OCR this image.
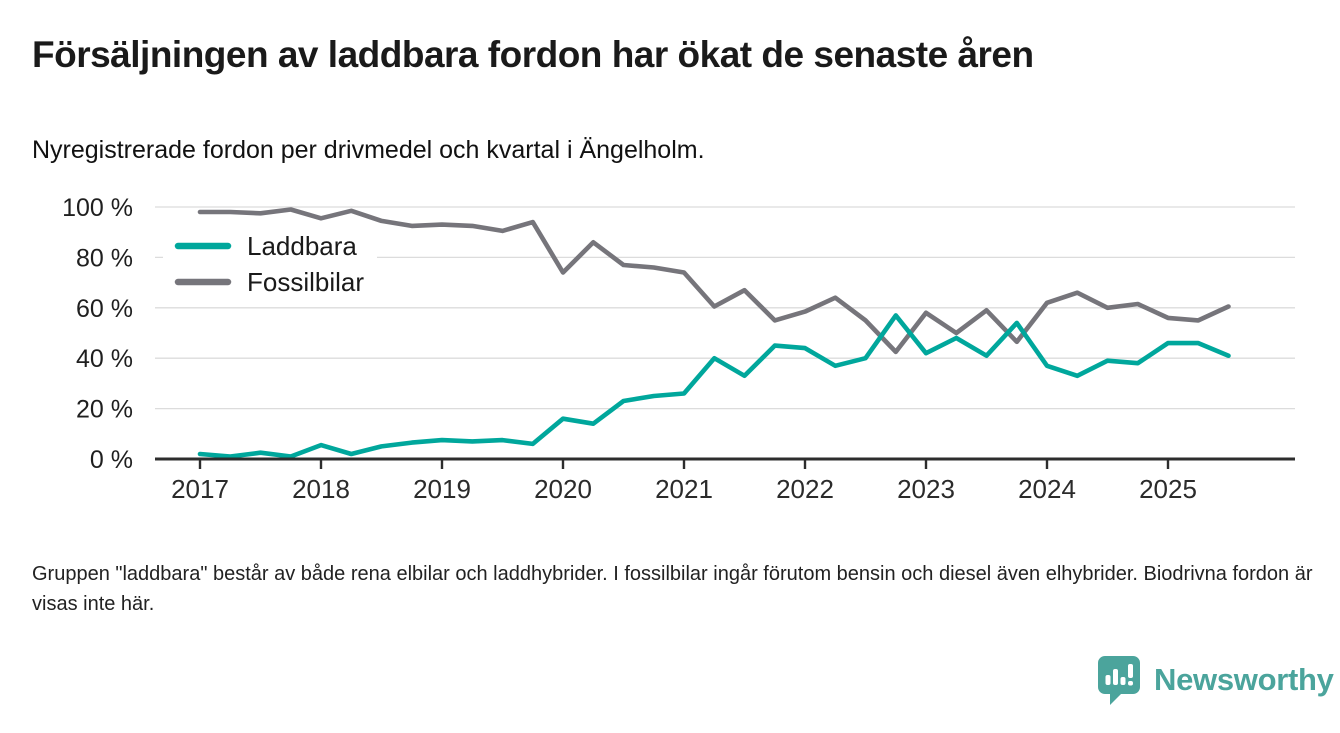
Försäljningen av laddbara fordon har ökat de senaste åren

Nyregistrerade fordon per drivmedel och kvartal i Ängelholm.

100 %
80 %
60 %
40 %
20 %
0 %
2017 2018 2019 2020 2021 2022 2023 2024 2025
Laddbara
Fossilbilar

Gruppen "laddbara" består av både rena elbilar och laddhybrider. I fossilbilar ingår förutom bensin och diesel även elhybrider. Biodrivna fordon är visas inte här.

Newsworthy
